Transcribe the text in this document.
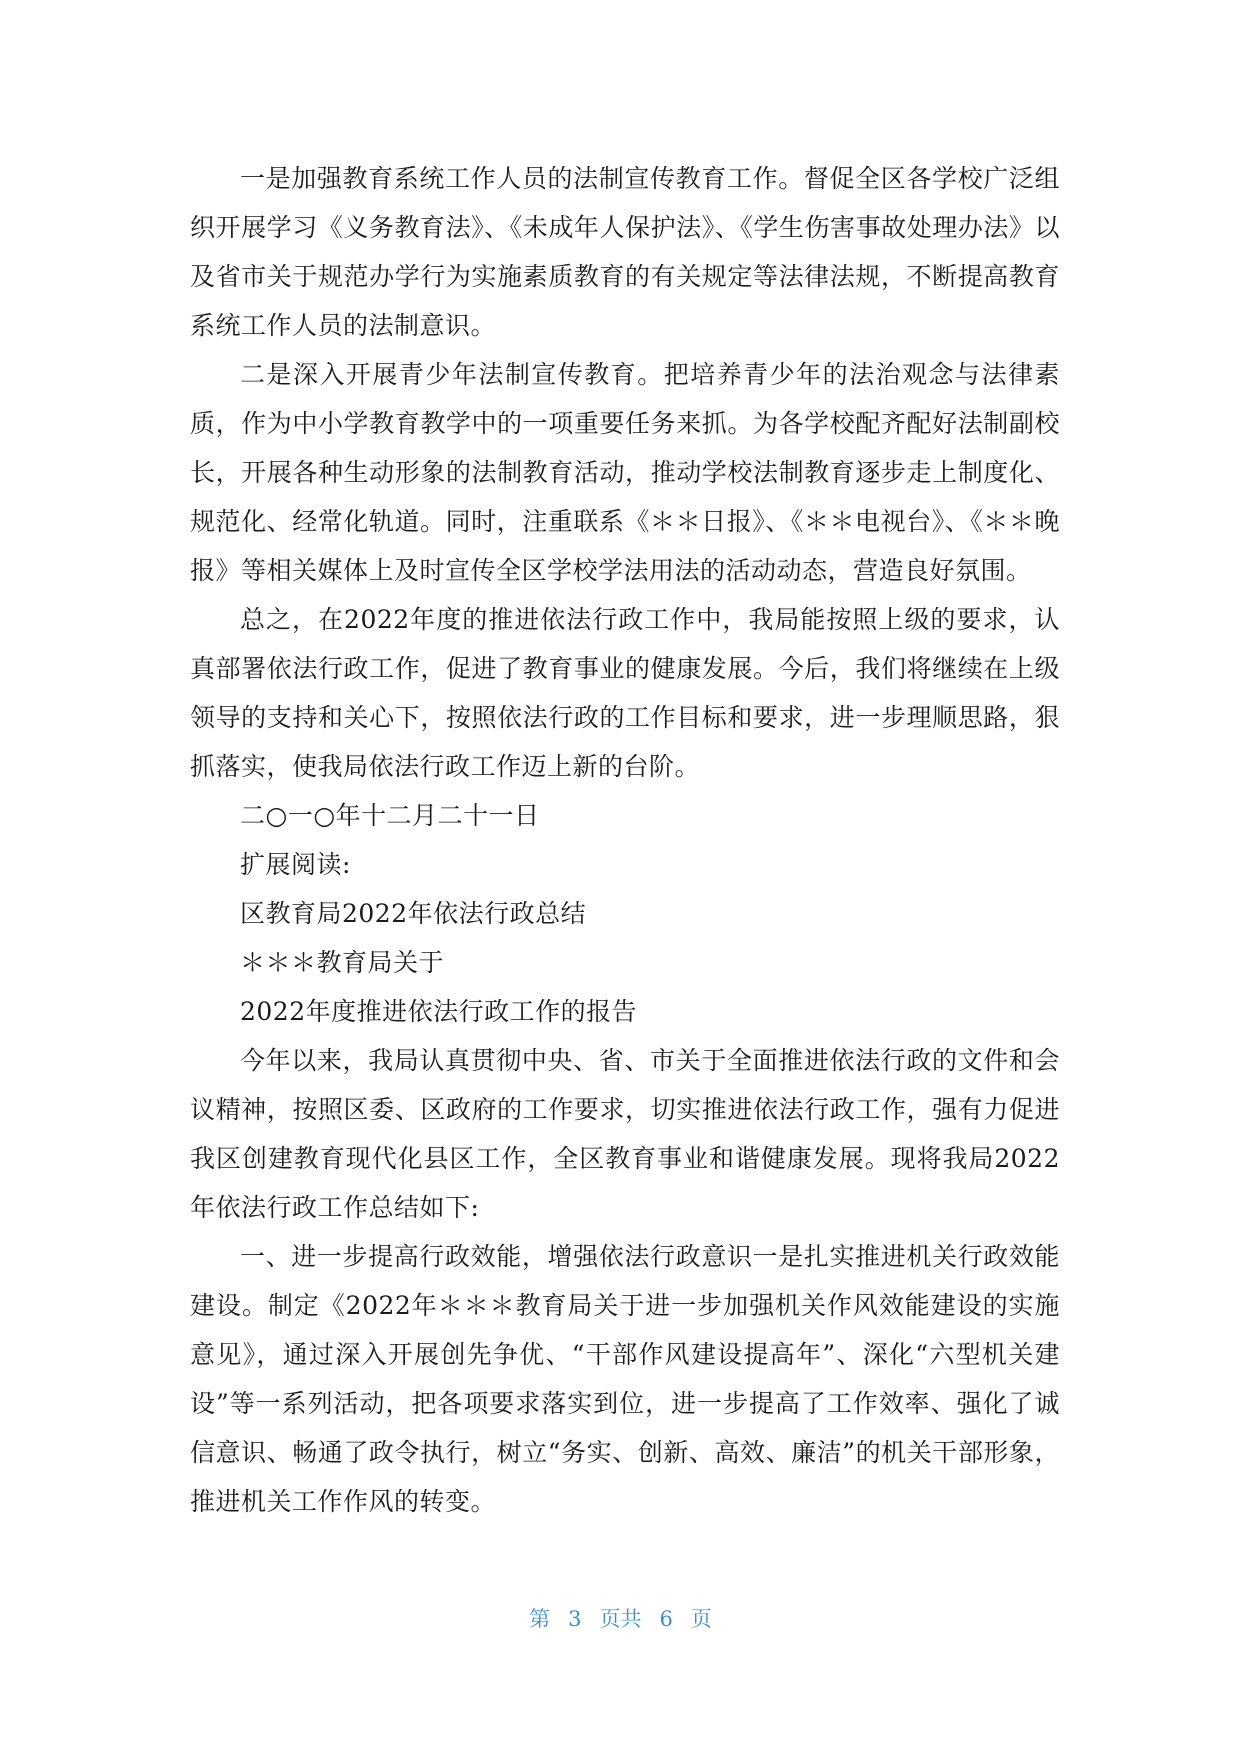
一是加强教育系统工作人员的法制宣传教育工作。督促全区各学校广泛组织开展学习《义务教育法》、《未成年人保护法》、《学生伤害事故处理办法》以及省市关于规范办学行为实施素质教育的有关规定等法律法规，不断提高教育系统工作人员的法制意识。

二是深入开展青少年法制宣传教育。把培养青少年的法治观念与法律素质，作为中小学教育教学中的一项重要任务来抓。为各学校配齐配好法制副校长，开展各种生动形象的法制教育活动，推动学校法制教育逐步走上制度化、规范化、经常化轨道。同时，注重联系《＊＊日报》、《＊＊电视台》、《＊＊晚报》等相关媒体上及时宣传全区学校学法用法的活动动态，营造良好氛围。

总之，在2022年度的推进依法行政工作中，我局能按照上级的要求，认真部署依法行政工作，促进了教育事业的健康发展。今后，我们将继续在上级领导的支持和关心下，按照依法行政的工作目标和要求，进一步理顺思路，狠抓落实，使我局依法行政工作迈上新的台阶。

二○一○年十二月二十一日

扩展阅读:

区教育局2022年依法行政总结

＊＊＊教育局关于

2022年度推进依法行政工作的报告

今年以来，我局认真贯彻中央、省、市关于全面推进依法行政的文件和会议精神，按照区委、区政府的工作要求，切实推进依法行政工作，强有力促进我区创建教育现代化县区工作，全区教育事业和谐健康发展。现将我局2022年依法行政工作总结如下:

一、进一步提高行政效能，增强依法行政意识一是扎实推进机关行政效能建设。制定《2022年＊＊＊教育局关于进一步加强机关作风效能建设的实施意见》，通过深入开展创先争优、“干部作风建设提高年”、深化“六型机关建设”等一系列活动，把各项要求落实到位，进一步提高了工作效率、强化了诚信意识、畅通了政令执行，树立“务实、创新、高效、廉洁”的机关干部形象，推进机关工作作风的转变。

第 3 页共 6 页
